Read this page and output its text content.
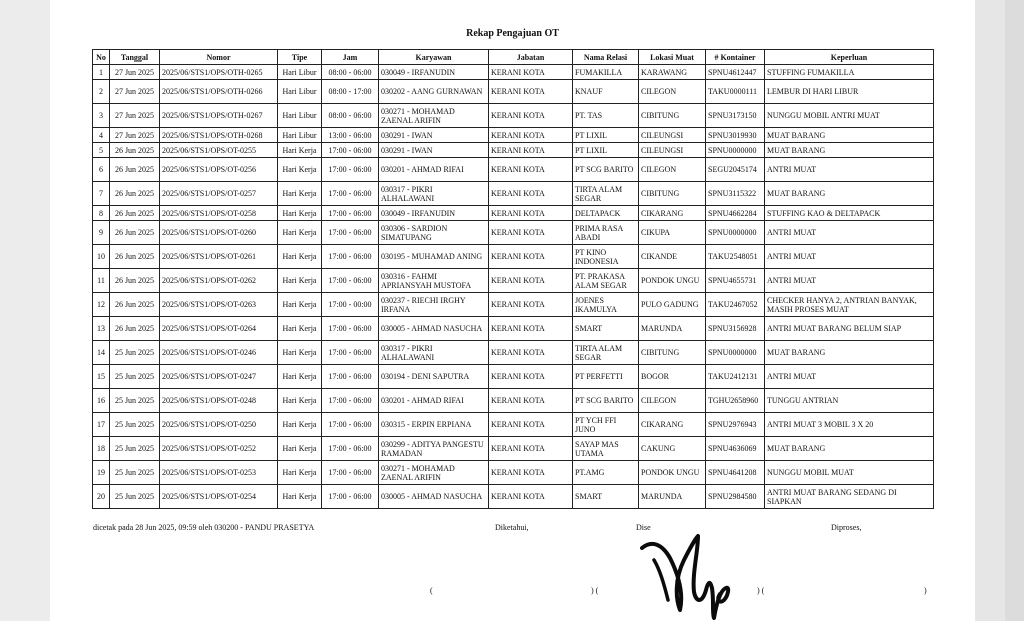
Rekap Pengajuan OT
No	Tanggal	Nomor	Tipe	Jam	Karyawan	Jabatan	Nama Relasi	Lokasi Muat	# Kontainer	Keperluan
1	27 Jun 2025	2025/06/STS1/OPS/OTH-0265	Hari Libur	08:00 - 06:00	030049 - IRFANUDIN	KERANI KOTA	FUMAKILLA	KARAWANG	SPNU4612447	STUFFING FUMAKILLA
2	27 Jun 2025	2025/06/STS1/OPS/OTH-0266	Hari Libur	08:00 - 17:00	030202 - AANG GURNAWAN	KERANI KOTA	KNAUF	CILEGON	TAKU0000111	LEMBUR DI HARI LIBUR
3	27 Jun 2025	2025/06/STS1/OPS/OTH-0267	Hari Libur	08:00 - 06:00	030271 - MOHAMAD ZAENAL ARIFIN	KERANI KOTA	PT. TAS	CIBITUNG	SPNU3173150	NUNGGU MOBIL ANTRI MUAT
4	27 Jun 2025	2025/06/STS1/OPS/OTH-0268	Hari Libur	13:00 - 06:00	030291 - IWAN	KERANI KOTA	PT LIXIL	CILEUNGSI	SPNU3019930	MUAT BARANG
5	26 Jun 2025	2025/06/STS1/OPS/OT-0255	Hari Kerja	17:00 - 06:00	030291 - IWAN	KERANI KOTA	PT LIXIL	CILEUNGSI	SPNU0000000	MUAT BARANG
6	26 Jun 2025	2025/06/STS1/OPS/OT-0256	Hari Kerja	17:00 - 06:00	030201 - AHMAD RIFAI	KERANI KOTA	PT SCG BARITO	CILEGON	SEGU2045174	ANTRI MUAT
7	26 Jun 2025	2025/06/STS1/OPS/OT-0257	Hari Kerja	17:00 - 06:00	030317 - PIKRI ALHALAWANI	KERANI KOTA	TIRTA ALAM SEGAR	CIBITUNG	SPNU3115322	MUAT BARANG
8	26 Jun 2025	2025/06/STS1/OPS/OT-0258	Hari Kerja	17:00 - 06:00	030049 - IRFANUDIN	KERANI KOTA	DELTAPACK	CIKARANG	SPNU4662284	STUFFING KAO & DELTAPACK
9	26 Jun 2025	2025/06/STS1/OPS/OT-0260	Hari Kerja	17:00 - 06:00	030306 - SARDION SIMATUPANG	KERANI KOTA	PRIMA RASA ABADI	CIKUPA	SPNU0000000	ANTRI MUAT
10	26 Jun 2025	2025/06/STS1/OPS/OT-0261	Hari Kerja	17:00 - 06:00	030195 - MUHAMAD ANING	KERANI KOTA	PT KINO INDONESIA	CIKANDE	TAKU2548051	ANTRI MUAT
11	26 Jun 2025	2025/06/STS1/OPS/OT-0262	Hari Kerja	17:00 - 06:00	030316 - FAHMI APRIANSYAH MUSTOFA	KERANI KOTA	PT. PRAKASA ALAM SEGAR	PONDOK UNGU	SPNU4655731	ANTRI MUAT
12	26 Jun 2025	2025/06/STS1/OPS/OT-0263	Hari Kerja	17:00 - 00:00	030237 - RIECHI IRGHY IRFANA	KERANI KOTA	JOENES IKAMULYA	PULO GADUNG	TAKU2467052	CHECKER HANYA 2, ANTRIAN BANYAK, MASIH PROSES MUAT
13	26 Jun 2025	2025/06/STS1/OPS/OT-0264	Hari Kerja	17:00 - 06:00	030005 - AHMAD NASUCHA	KERANI KOTA	SMART	MARUNDA	SPNU3156928	ANTRI MUAT BARANG BELUM SIAP
14	25 Jun 2025	2025/06/STS1/OPS/OT-0246	Hari Kerja	17:00 - 06:00	030317 - PIKRI ALHALAWANI	KERANI KOTA	TIRTA ALAM SEGAR	CIBITUNG	SPNU0000000	MUAT BARANG
15	25 Jun 2025	2025/06/STS1/OPS/OT-0247	Hari Kerja	17:00 - 06:00	030194 - DENI SAPUTRA	KERANI KOTA	PT PERFETTI	BOGOR	TAKU2412131	ANTRI MUAT
16	25 Jun 2025	2025/06/STS1/OPS/OT-0248	Hari Kerja	17:00 - 06:00	030201 - AHMAD RIFAI	KERANI KOTA	PT SCG BARITO	CILEGON	TGHU2658960	TUNGGU ANTRIAN
17	25 Jun 2025	2025/06/STS1/OPS/OT-0250	Hari Kerja	17:00 - 06:00	030315 - ERPIN ERPIANA	KERANI KOTA	PT YCH FFI JUNO	CIKARANG	SPNU2976943	ANTRI MUAT 3 MOBIL 3 X 20
18	25 Jun 2025	2025/06/STS1/OPS/OT-0252	Hari Kerja	17:00 - 06:00	030299 - ADITYA PANGESTU RAMADAN	KERANI KOTA	SAYAP MAS UTAMA	CAKUNG	SPNU4636069	MUAT BARANG
19	25 Jun 2025	2025/06/STS1/OPS/OT-0253	Hari Kerja	17:00 - 06:00	030271 - MOHAMAD ZAENAL ARIFIN	KERANI KOTA	PT.AMG	PONDOK UNGU	SPNU4641208	NUNGGU MOBIL MUAT
20	25 Jun 2025	2025/06/STS1/OPS/OT-0254	Hari Kerja	17:00 - 06:00	030005 - AHMAD NASUCHA	KERANI KOTA	SMART	MARUNDA	SPNU2984580	ANTRI MUAT BARANG SEDANG DI SIAPKAN
dicetak pada 28 Jun 2025, 09:59 oleh 030200 - PANDU PRASETYA	Diketahui,	Dise	Diproses,
(	) (	) (	)
